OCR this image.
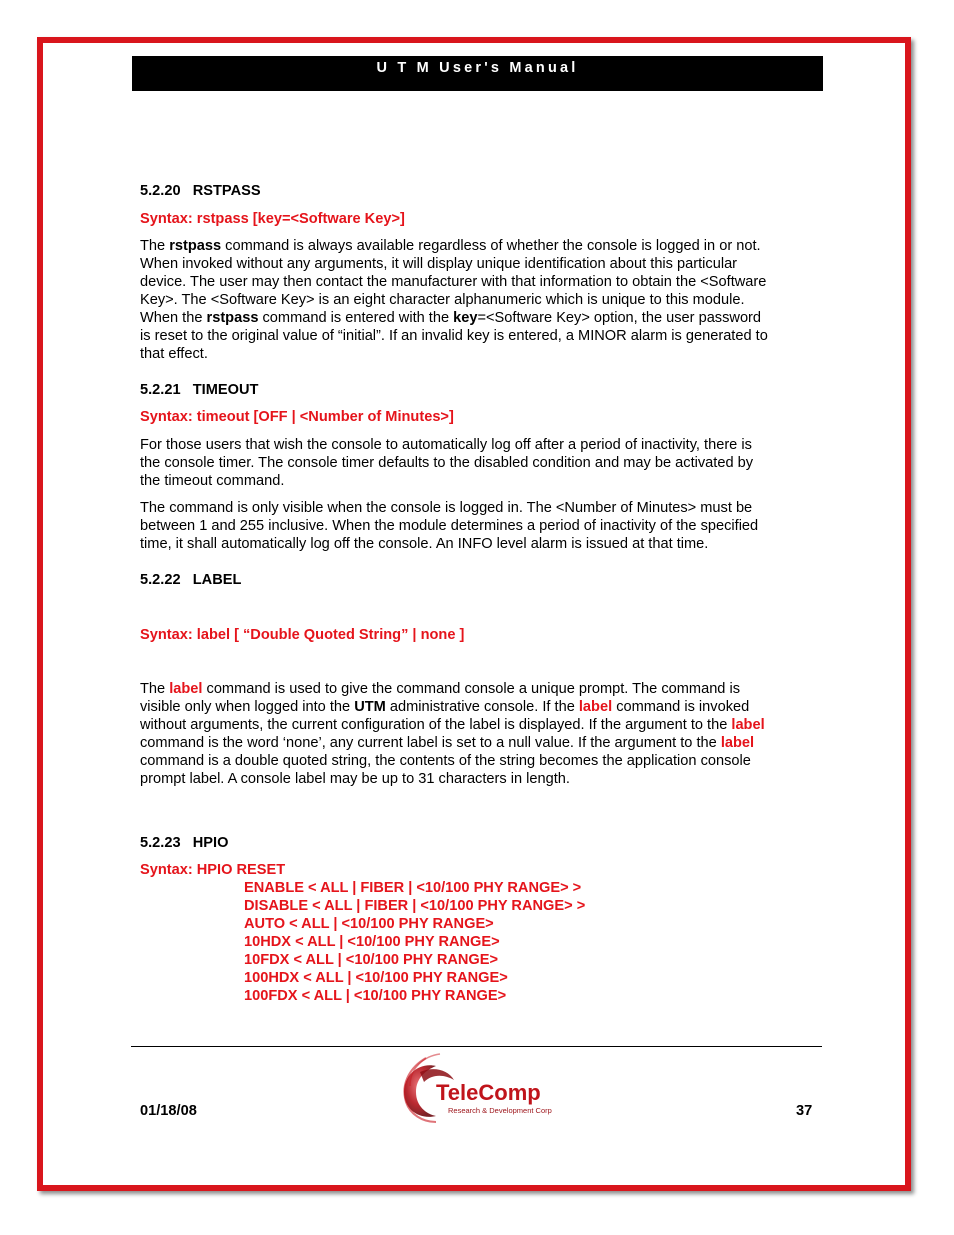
U T M User's Manual
5.2.20   RSTPASS
Syntax: rstpass [key=<Software Key>]
The rstpass command is always available regardless of whether the console is logged in or not.
When invoked without any arguments, it will display unique identification about this particular
device. The user may then contact the manufacturer with that information to obtain the <Software
Key>. The <Software Key> is an eight character alphanumeric which is unique to this module.
When the rstpass command is entered with the key=<Software Key> option, the user password
is reset to the original value of “initial”. If an invalid key is entered, a MINOR alarm is generated to
that effect.
5.2.21   TIMEOUT
Syntax: timeout [OFF | <Number of Minutes>]
For those users that wish the console to automatically log off after a period of inactivity, there is
the console timer. The console timer defaults to the disabled condition and may be activated by
the timeout command.
The command is only visible when the console is logged in. The <Number of Minutes> must be
between 1 and 255 inclusive. When the module determines a period of inactivity of the specified
time, it shall automatically log off the console. An INFO level alarm is issued at that time.
5.2.22   LABEL
Syntax: label [ “Double Quoted String” | none ]
The label command is used to give the command console a unique prompt. The command is
visible only when logged into the UTM administrative console. If the label command is invoked
without arguments, the current configuration of the label is displayed. If the argument to the label
command is the word ‘none’, any current label is set to a null value. If the argument to the label
command is a double quoted string, the contents of the string becomes the application console
prompt label. A console label may be up to 31 characters in length.
5.2.23   HPIO
Syntax: HPIO RESET
ENABLE < ALL | FIBER | <10/100 PHY RANGE> >
DISABLE < ALL | FIBER | <10/100 PHY RANGE> >
AUTO < ALL | <10/100 PHY RANGE>
10HDX < ALL | <10/100 PHY RANGE>
10FDX < ALL | <10/100 PHY RANGE>
100HDX < ALL | <10/100 PHY RANGE>
100FDX < ALL | <10/100 PHY RANGE>
01/18/08
TeleComp
Research & Development Corp	37
